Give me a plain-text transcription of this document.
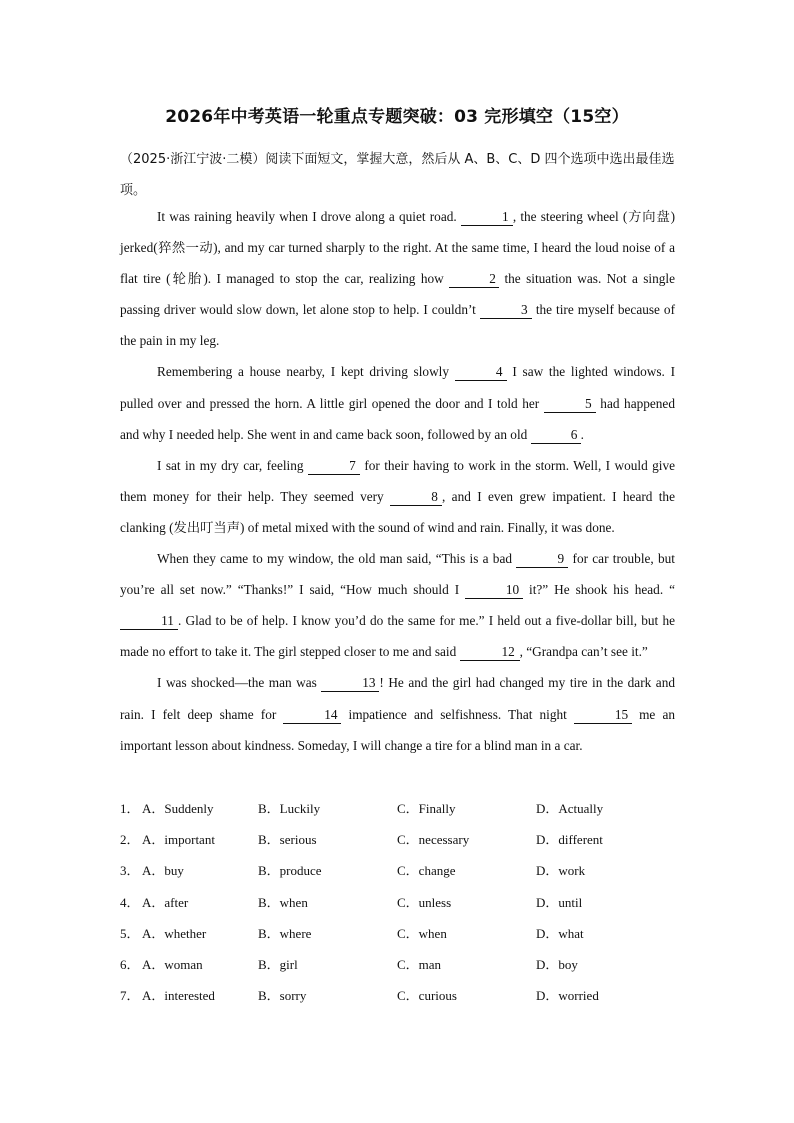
2026年中考英语一轮重点专题突破：03 完形填空（15空）
（2025·浙江宁波·二模）阅读下面短文，掌握大意，然后从 A、B、C、D 四个选项中选出最佳选项。

It was raining heavily when I drove along a quiet road.	1 , the steering wheel (方向盘) jerked(猝然一动), and my car turned sharply to the right. At the same time, I heard the loud noise of a flat tire (轮胎). I managed to stop the car, realizing how	2 the situation was. Not a single passing driver would slow down, let alone stop to help. I couldn’t	3 the tire myself because of the pain in my leg.

Remembering a house nearby, I kept driving slowly	4 I saw the lighted windows. I pulled over and pressed the horn. A little girl opened the door and I told her	5 had happened and why I needed help. She went in and came back soon, followed by an old	6 .

I sat in my dry car, feeling	7 for their having to work in the storm. Well, I would give them money for their help. They seemed very	8 , and I even grew impatient. I heard the clanking (发出叮当声) of metal mixed with the sound of wind and rain. Finally, it was done.

When they came to my window, the old man said, “This is a bad	9 for car trouble, but you’re all set now.” “Thanks!” I said, “How much should I	10 it?” He shook his head. “11 . Glad to be of help. I know you’d do the same for me.” I held out a five-dollar bill, but he made no effort to take it. The girl stepped closer to me and said	12 , “Grandpa can’t see it.”

I was shocked—the man was	13 ! He and the girl had changed my tire in the dark and rain. I felt deep shame for	14 impatience and selfishness. That night	15 me an important lesson about kindness. Someday, I will change a tire for a blind man in a car.

1． A．Suddenly	B．Luckily	C．Finally	D．Actually
2． A．important	B．serious	C．necessary	D．different
3． A．buy	B．produce	C．change	D．work
4． A．after	B．when	C．unless	D．until
5． A．whether	B．where	C．when	D．what
6． A．woman	B．girl	C．man	D．boy
7． A．interested	B．sorry	C．curious	D．worried
